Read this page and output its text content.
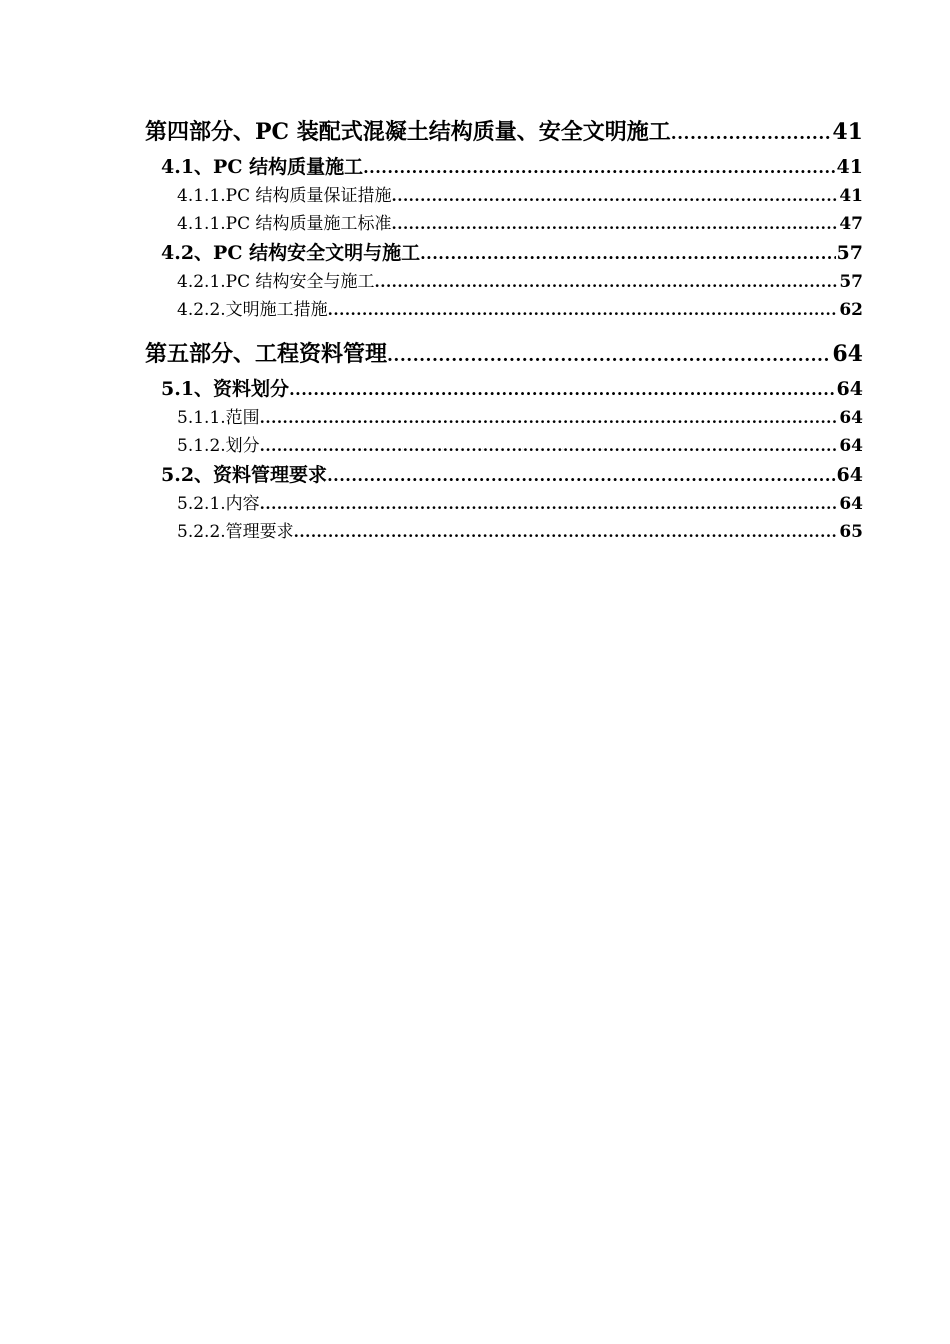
第四部分、PC 装配式混凝土结构质量、安全文明施工 .....	41
4.1、PC 结构质量施工 .....	41
4.1.1.PC 结构质量保证措施 .....	41
4.1.1.PC 结构质量施工标准 .....	47
4.2、PC 结构安全文明与施工 .....	57
4.2.1.PC 结构安全与施工 .....	57
4.2.2.文明施工措施 .....	62
第五部分、工程资料管理 .....	64
5.1、资料划分 .....	64
5.1.1.范围 .....	64
5.1.2.划分 .....	64
5.2、资料管理要求 .....	64
5.2.1.内容 .....	64
5.2.2.管理要求 .....	65
